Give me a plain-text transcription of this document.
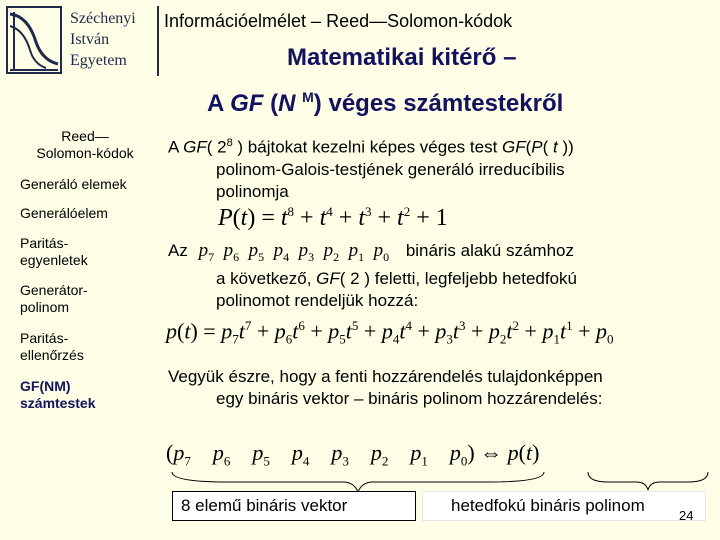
Széchenyi
István
Egyetem
Információelmélet – Reed—Solomon-kódok
Matematikai kitérő –
A GF (N $^M$) véges számtestekről
Reed—
Solomon-kódok
Generáló elemek
Generálóelem
Paritás-
egyenletek
Generátor-
polinom
Paritás-
ellenőrzés
GF(NM)
számtestek
A GF( $2^8$ ) bájtokat kezelni képes véges test GF(P( t ))
polinom-Galois-testjének generáló irreducíbilis
polinomja
Az $p_7$ $p_6$ $p_5$ $p_4$ $p_3$ $p_2$ $p_1$ $p_0$ bináris alakú számhoz
a következő, GF( 2 ) feletti, legfeljebb hetedfokú
polinomot rendeljük hozzá:
Vegyük észre, hogy a fenti hozzárendelés tulajdonképpen
egy bináris vektor – bináris polinom hozzárendelés:
$P(t) = t^8 + t^4 + t^3 + t^2 + 1$
$p(t) = p_7t^7 + p_6t^6 + p_5t^5 + p_4t^4 + p_3t^3 + p_2t^2 + p_1t^1 + p_0$
($p_7$ $p_6$ $p_5$ $p_4$ $p_3$ $p_2$ $p_1$ $p_0$) ⇔ p(t)
8 elemű bináris vektor	hetedfokú bináris polinom
24
